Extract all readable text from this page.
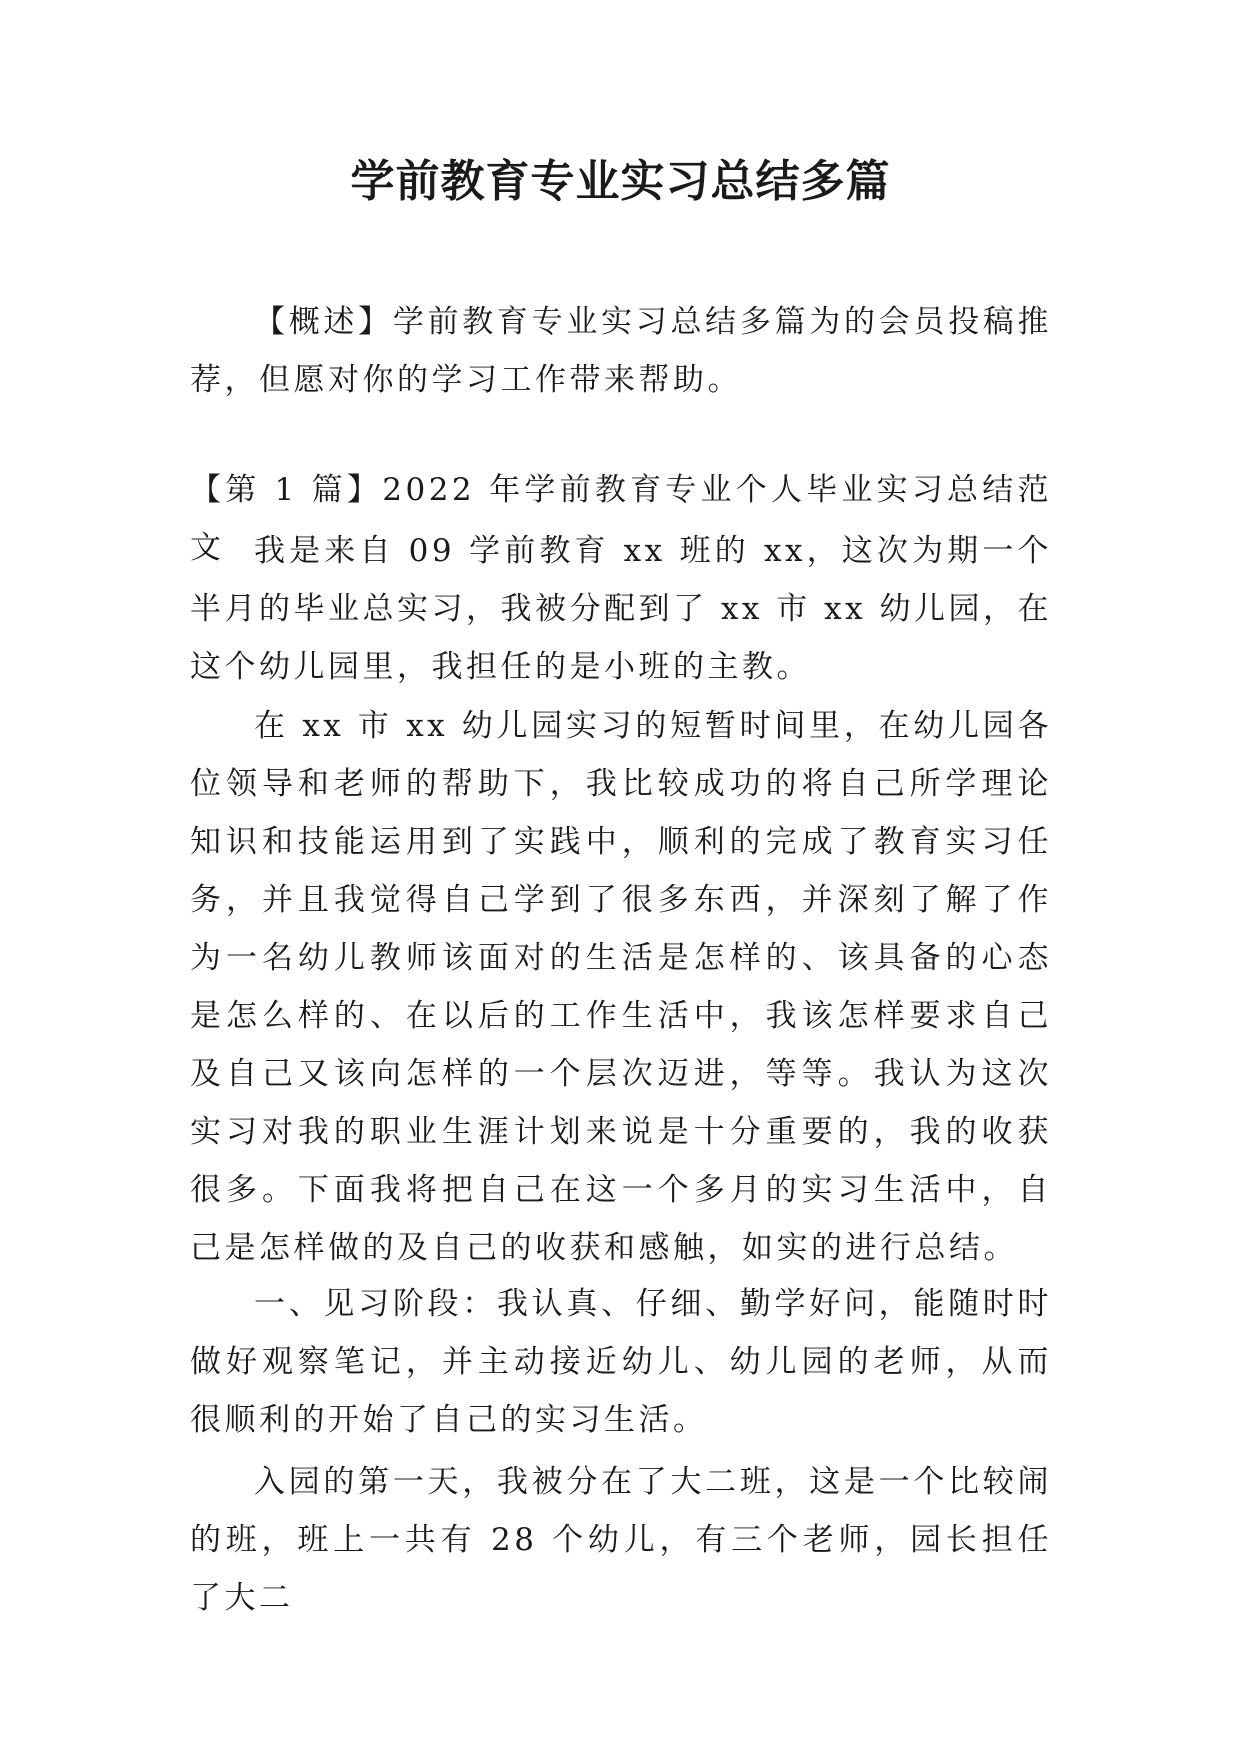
学前教育专业实习总结多篇

【概述】学前教育专业实习总结多篇为的会员投稿推荐，但愿对你的学习工作带来帮助。

【第 1 篇】2022 年学前教育专业个人毕业实习总结范文 我是来自 09 学前教育 xx 班的 xx，这次为期一个半月的毕业总实习，我被分配到了 xx 市 xx 幼儿园，在这个幼儿园里，我担任的是小班的主教。

在 xx 市 xx 幼儿园实习的短暂时间里，在幼儿园各位领导和老师的帮助下，我比较成功的将自己所学理论知识和技能运用到了实践中，顺利的完成了教育实习任务，并且我觉得自己学到了很多东西，并深刻了解了作为一名幼儿教师该面对的生活是怎样的、该具备的心态是怎么样的、在以后的工作生活中，我该怎样要求自己及自己又该向怎样的一个层次迈进，等等。我认为这次实习对我的职业生涯计划来说是十分重要的，我的收获很多。下面我将把自己在这一个多月的实习生活中，自己是怎样做的及自己的收获和感触，如实的进行总结。

一、见习阶段：我认真、仔细、勤学好问，能随时时做好观察笔记，并主动接近幼儿、幼儿园的老师，从而很顺利的开始了自己的实习生活。

入园的第一天，我被分在了大二班，这是一个比较闹的班，班上一共有 28 个幼儿，有三个老师，园长担任了大二
